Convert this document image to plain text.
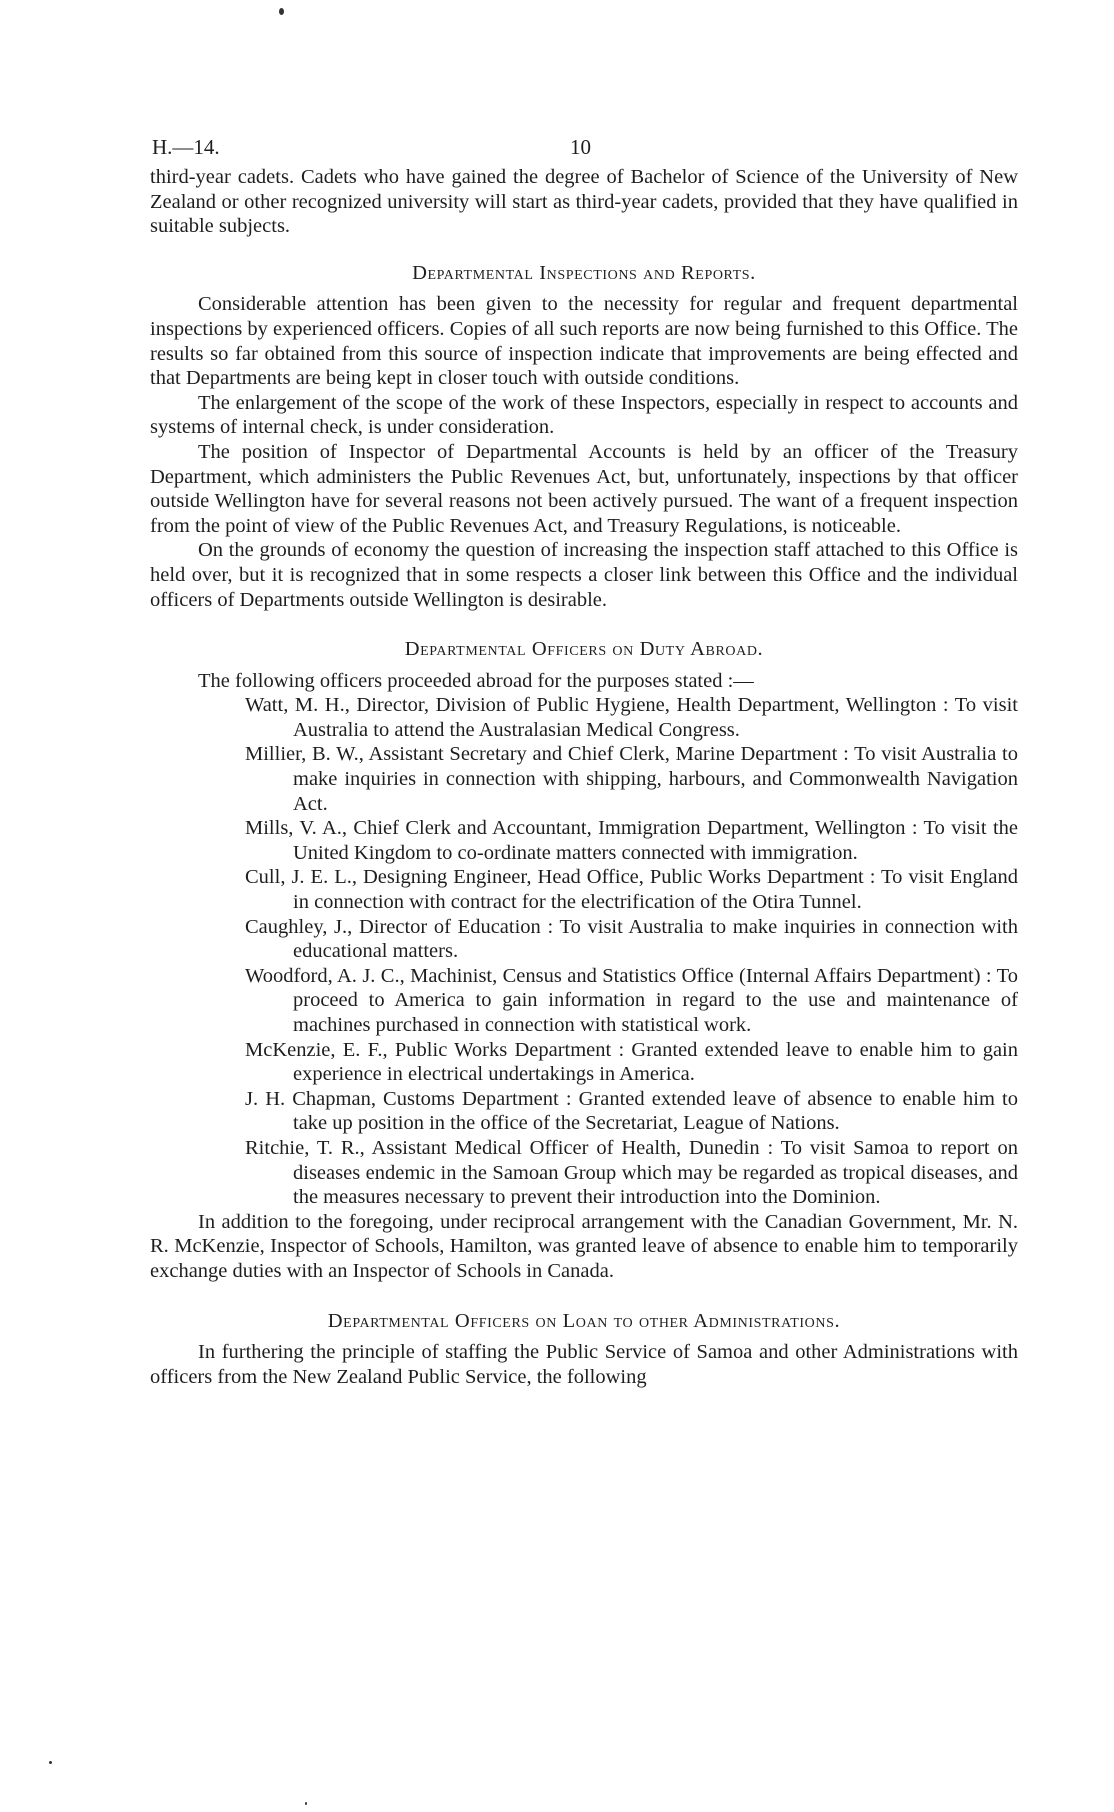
H.—14.	10

third-year cadets. Cadets who have gained the degree of Bachelor of Science of the University of New Zealand or other recognized university will start as third-year cadets, provided that they have qualified in suitable subjects.

Departmental Inspections and Reports.

Considerable attention has been given to the necessity for regular and frequent departmental inspections by experienced officers. Copies of all such reports are now being furnished to this Office. The results so far obtained from this source of inspection indicate that improvements are being effected and that Departments are being kept in closer touch with outside conditions.

The enlargement of the scope of the work of these Inspectors, especially in respect to accounts and systems of internal check, is under consideration.

The position of Inspector of Departmental Accounts is held by an officer of the Treasury Department, which administers the Public Revenues Act, but, unfortunately, inspections by that officer outside Wellington have for several reasons not been actively pursued. The want of a frequent inspection from the point of view of the Public Revenues Act, and Treasury Regulations, is noticeable.

On the grounds of economy the question of increasing the inspection staff attached to this Office is held over, but it is recognized that in some respects a closer link between this Office and the individual officers of Departments outside Wellington is desirable.

Departmental Officers on Duty Abroad.

The following officers proceeded abroad for the purposes stated :—

Watt, M. H., Director, Division of Public Hygiene, Health Department, Wellington : To visit Australia to attend the Australasian Medical Congress.
Millier, B. W., Assistant Secretary and Chief Clerk, Marine Department : To visit Australia to make inquiries in connection with shipping, harbours, and Commonwealth Navigation Act.
Mills, V. A., Chief Clerk and Accountant, Immigration Department, Wellington : To visit the United Kingdom to co-ordinate matters connected with immigration.
Cull, J. E. L., Designing Engineer, Head Office, Public Works Department : To visit England in connection with contract for the electrification of the Otira Tunnel.
Caughley, J., Director of Education : To visit Australia to make inquiries in connection with educational matters.
Woodford, A. J. C., Machinist, Census and Statistics Office (Internal Affairs Department) : To proceed to America to gain information in regard to the use and maintenance of machines purchased in connection with statistical work.
McKenzie, E. F., Public Works Department : Granted extended leave to enable him to gain experience in electrical undertakings in America.
J. H. Chapman, Customs Department : Granted extended leave of absence to enable him to take up position in the office of the Secretariat, League of Nations.
Ritchie, T. R., Assistant Medical Officer of Health, Dunedin : To visit Samoa to report on diseases endemic in the Samoan Group which may be regarded as tropical diseases, and the measures necessary to prevent their introduction into the Dominion.

In addition to the foregoing, under reciprocal arrangement with the Canadian Government, Mr. N. R. McKenzie, Inspector of Schools, Hamilton, was granted leave of absence to enable him to temporarily exchange duties with an Inspector of Schools in Canada.

Departmental Officers on Loan to other Administrations.

In furthering the principle of staffing the Public Service of Samoa and other Administrations with officers from the New Zealand Public Service, the following
